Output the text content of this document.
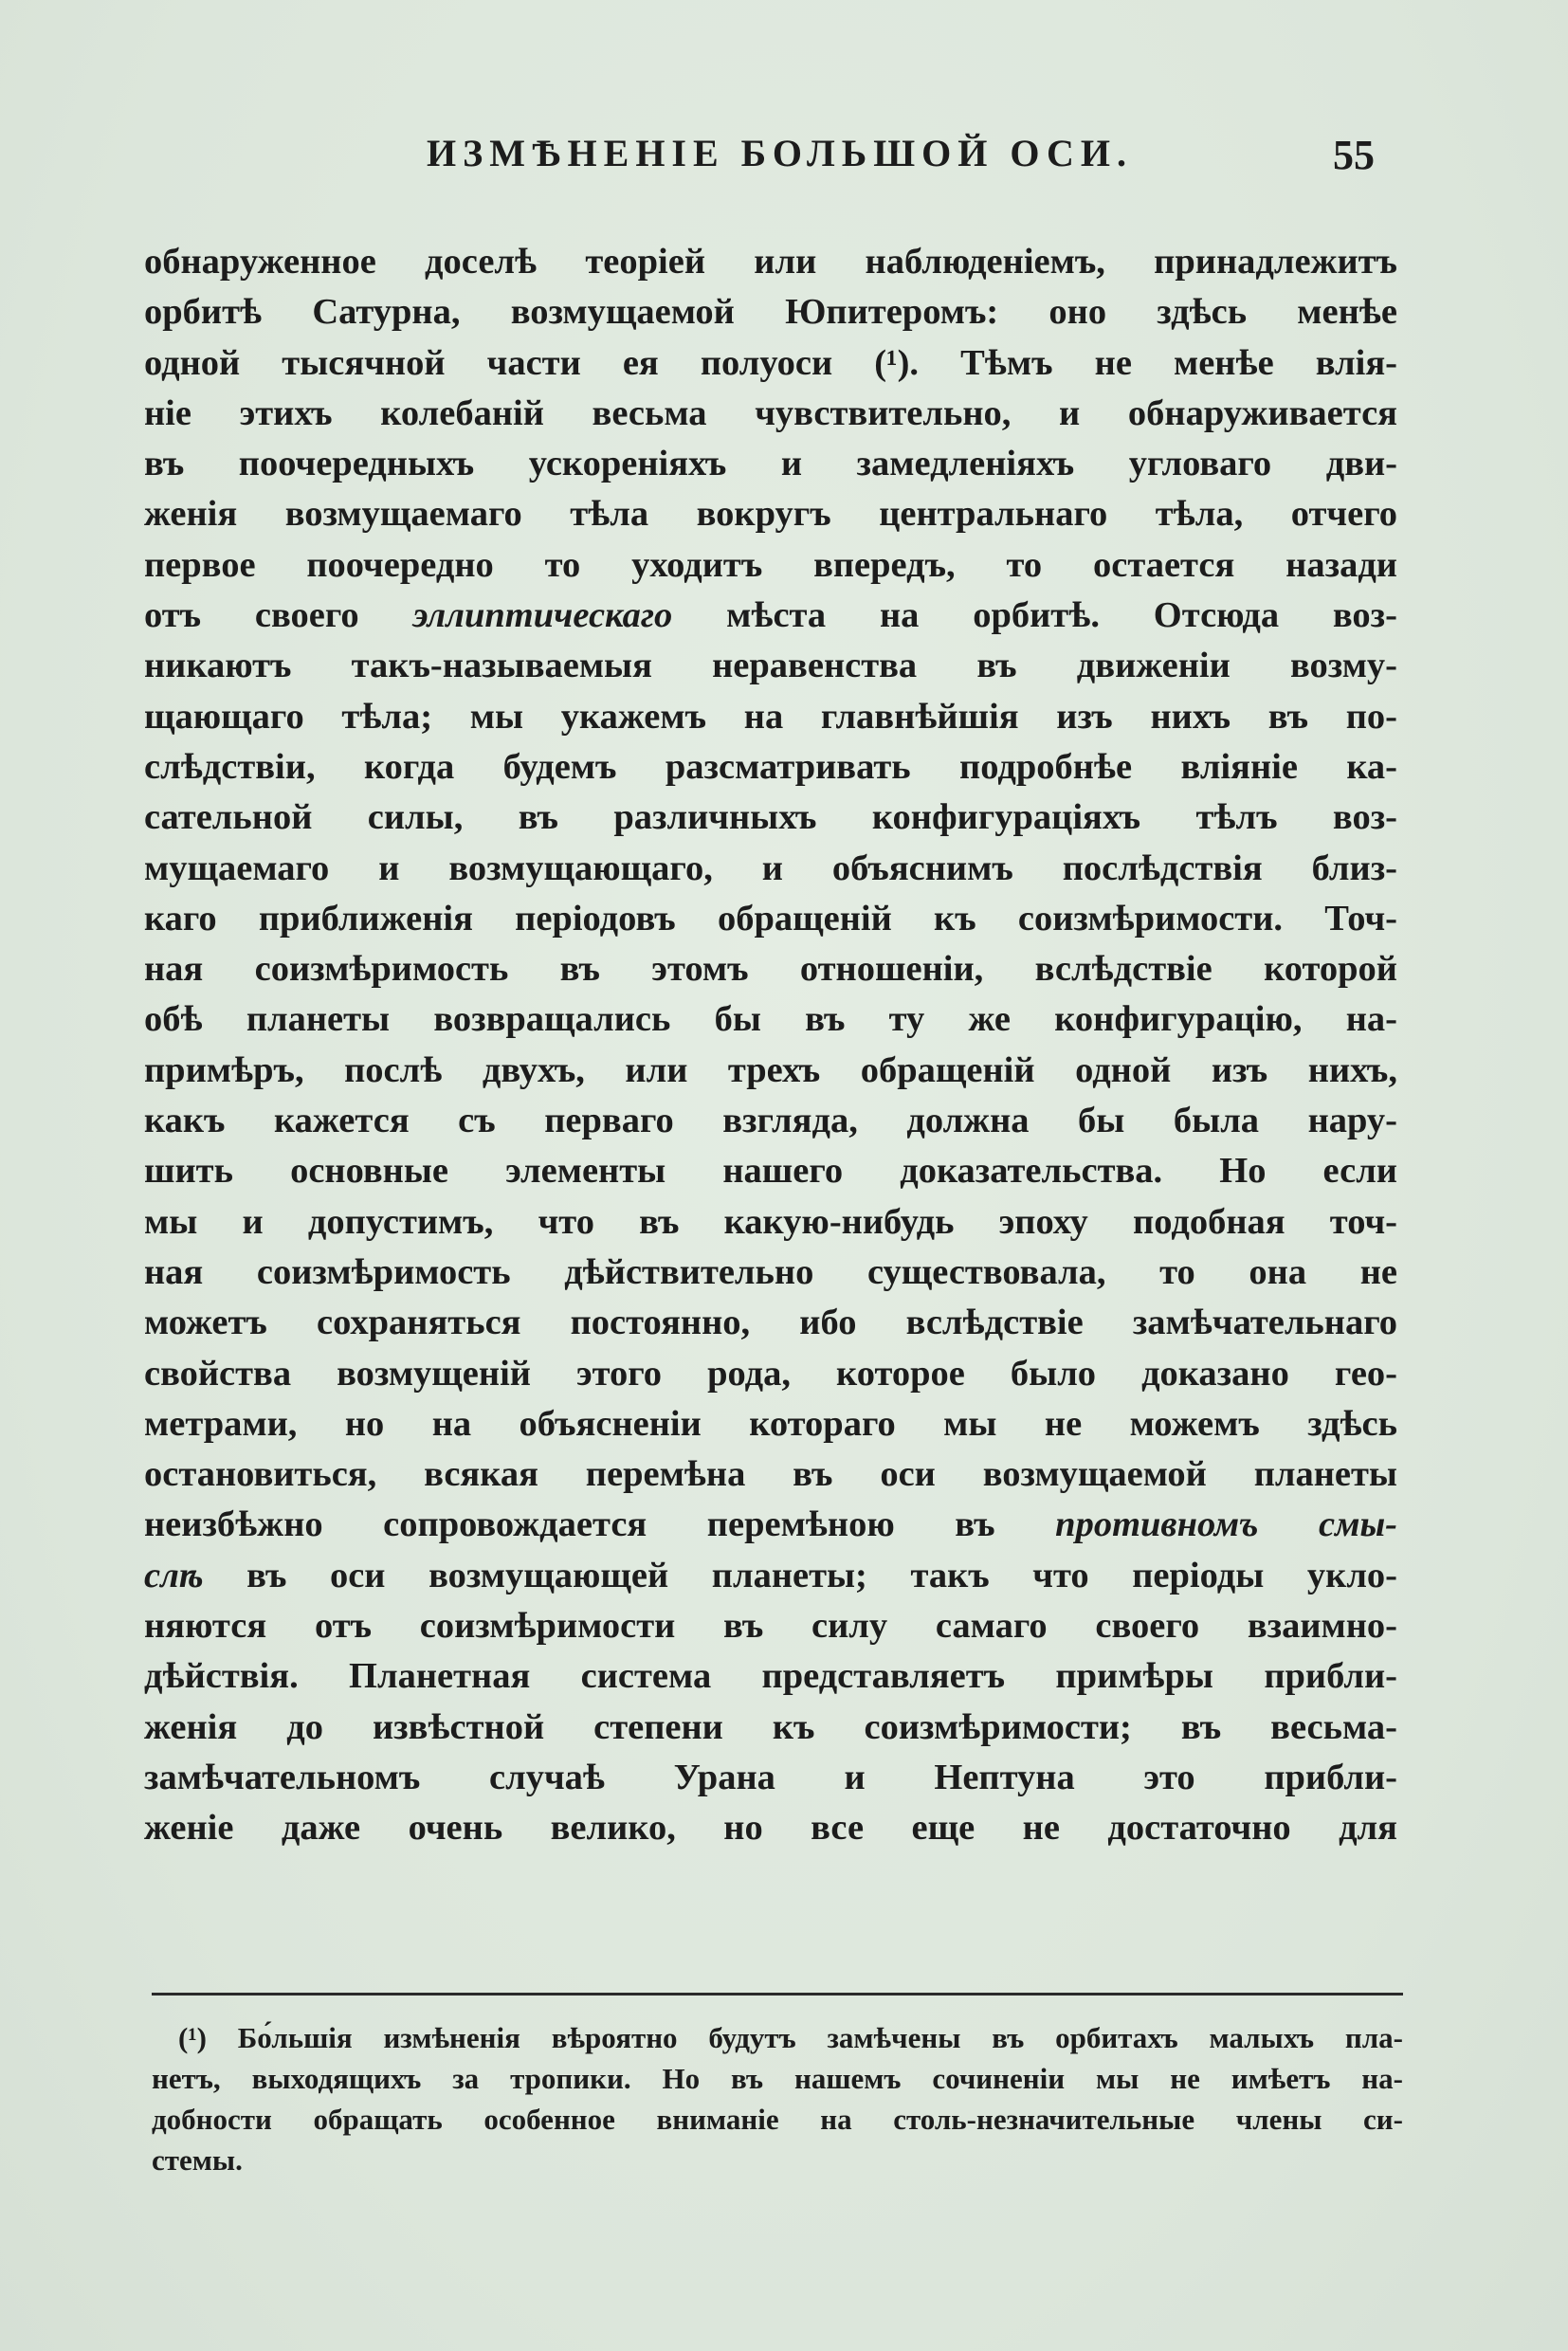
ИЗМѢНЕНІЕ БОЛЬШОЙ ОСИ.	55
обнаруженное доселѣ теоріей или наблюденіемъ, принадлежитъ
орбитѣ Сатурна, возмущаемой Юпитеромъ: оно здѣсь менѣе
одной тысячной части ея полуоси (¹). Тѣмъ не менѣе влія-
ніе этихъ колебаній весьма чувствительно, и обнаруживается
въ поочередныхъ ускореніяхъ и замедленіяхъ угловаго дви-
женія возмущаемаго тѣла вокругъ центральнаго тѣла, отчего
первое поочередно то уходитъ впередъ, то остается назади
отъ своего эллиптическаго мѣста на орбитѣ. Отсюда воз-
никаютъ такъ-называемыя неравенства въ движеніи возму-
щающаго тѣла; мы укажемъ на главнѣйшія изъ нихъ въ по-
слѣдствіи, когда будемъ разсматривать подробнѣе вліяніе ка-
сательной силы, въ различныхъ конфигураціяхъ тѣлъ воз-
мущаемаго и возмущающаго, и объяснимъ послѣдствія близ-
каго приближенія періодовъ обращеній къ соизмѣримости. Точ-
ная соизмѣримость въ этомъ отношеніи, вслѣдствіе которой
обѣ планеты возвращались бы въ ту же конфигурацію, на-
примѣръ, послѣ двухъ, или трехъ обращеній одной изъ нихъ,
какъ кажется съ перваго взгляда, должна бы была нару-
шить основные элементы нашего доказательства. Но если
мы и допустимъ, что въ какую-нибудь эпоху подобная точ-
ная соизмѣримость дѣйствительно существовала, то она не
можетъ сохраняться постоянно, ибо вслѣдствіе замѣчательнаго
свойства возмущеній этого рода, которое было доказано гео-
метрами, но на объясненіи котораго мы не можемъ здѣсь
остановиться, всякая перемѣна въ оси возмущаемой планеты
неизбѣжно сопровождается перемѣною въ противномъ смы-
слѣ въ оси возмущающей планеты; такъ что періоды укло-
няются отъ соизмѣримости въ силу самаго своего взаимно-
дѣйствія. Планетная система представляетъ примѣры прибли-
женія до извѣстной степени къ соизмѣримости; въ весьма-
замѣчательномъ случаѣ Урана и Нептуна это прибли-
женіе даже очень велико, но все еще не достаточно для
(¹) Бо́льшія измѣненія вѣроятно будутъ замѣчены въ орбитахъ малыхъ пла-
нетъ, выходящихъ за тропики. Но въ нашемъ сочиненіи мы не имѣетъ на-
добности обращать особенное вниманіе на столь-незначительные члены си-
стемы.
